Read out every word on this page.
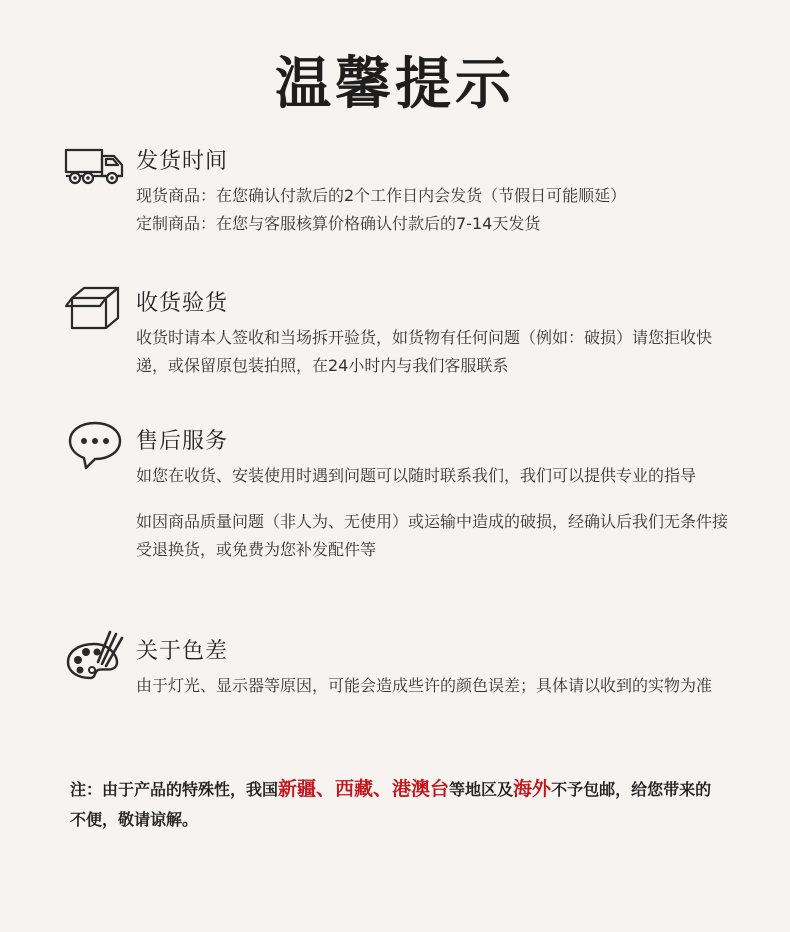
温馨提示
发货时间

现货商品：在您确认付款后的2个工作日内会发货（节假日可能顺延）

定制商品：在您与客服核算价格确认付款后的7-14天发货

收货验货

收货时请本人签收和当场拆开验货，如货物有任何问题（例如：破损）请您拒收快递，或保留原包装拍照，在24小时内与我们客服联系

售后服务

如您在收货、安装使用时遇到问题可以随时联系我们，我们可以提供专业的指导

如因商品质量问题（非人为、无使用）或运输中造成的破损，经确认后我们无条件接受退换货，或免费为您补发配件等

关于色差

由于灯光、显示器等原因，可能会造成些许的颜色误差；具体请以收到的实物为准

注：由于产品的特殊性，我国新疆、西藏、港澳台等地区及海外不予包邮，给您带来的不便，敬请谅解。
